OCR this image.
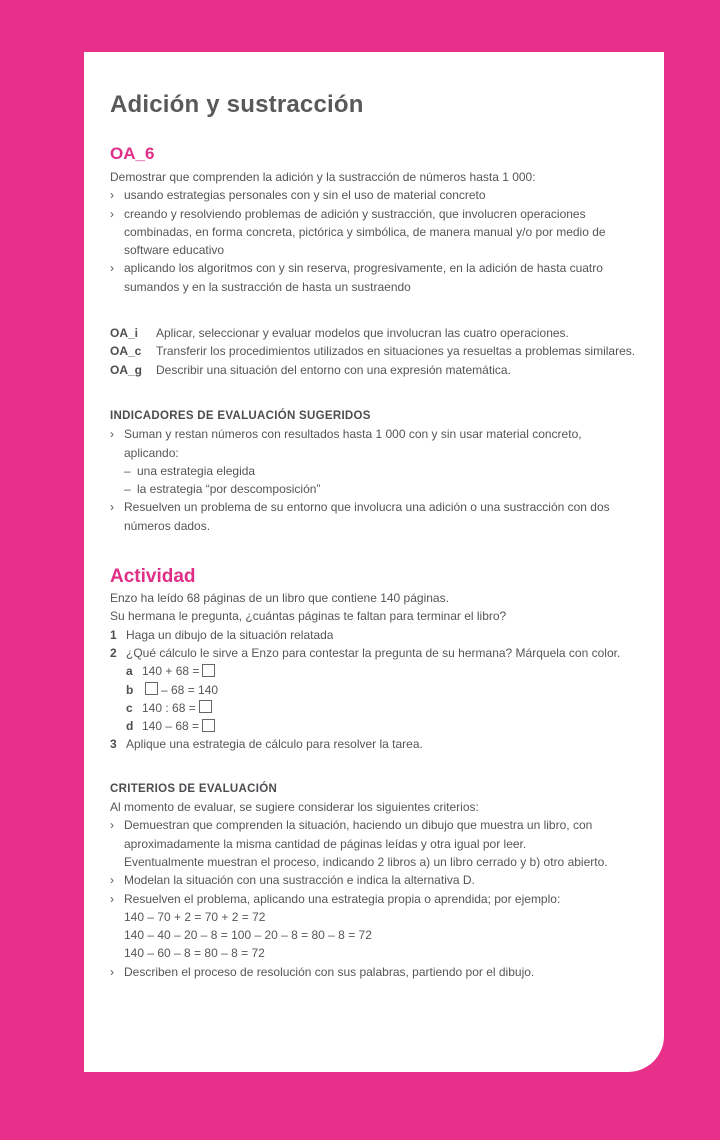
Adición y sustracción
OA_6
Demostrar que comprenden la adición y la sustracción de números hasta 1 000:
› usando estrategias personales con y sin el uso de material concreto
› creando y resolviendo problemas de adición y sustracción, que involucren operaciones
combinadas, en forma concreta, pictórica y simbólica, de manera manual y/o por medio de
software educativo
› aplicando los algoritmos con y sin reserva, progresivamente, en la adición de hasta cuatro
sumandos y en la sustracción de hasta un sustraendo
OA_i	Aplicar, seleccionar y evaluar modelos que involucran las cuatro operaciones.
OA_c	Transferir los procedimientos utilizados en situaciones ya resueltas a problemas similares.
OA_g	Describir una situación del entorno con una expresión matemática.
INDICADORES DE EVALUACIÓN SUGERIDOS
› Suman y restan números con resultados hasta 1 000 con y sin usar material concreto,
aplicando:
– una estrategia elegida
– la estrategia “por descomposición”
› Resuelven un problema de su entorno que involucra una adición o una sustracción con dos
números dados.
Actividad
Enzo ha leído 68 páginas de un libro que contiene 140 páginas.
Su hermana le pregunta, ¿cuántas páginas te faltan para terminar el libro?
1 Haga un dibujo de la situación relatada
2 ¿Qué cálculo le sirve a Enzo para contestar la pregunta de su hermana? Márquela con color.
a 140 + 68 =
b	– 68 = 140
c 140 : 68 =
d 140 – 68 =
3 Aplique una estrategia de cálculo para resolver la tarea.
CRITERIOS DE EVALUACIÓN
Al momento de evaluar, se sugiere considerar los siguientes criterios:
› Demuestran que comprenden la situación, haciendo un dibujo que muestra un libro, con
aproximadamente la misma cantidad de páginas leídas y otra igual por leer.
Eventualmente muestran el proceso, indicando 2 libros a) un libro cerrado y b) otro abierto.
› Modelan la situación con una sustracción e indica la alternativa D.
› Resuelven el problema, aplicando una estrategia propia o aprendida; por ejemplo:
140 – 70 + 2 = 70 + 2 = 72
140 – 40 – 20 – 8 = 100 – 20 – 8 = 80 – 8 = 72
140 – 60 – 8 = 80 – 8 = 72
› Describen el proceso de resolución con sus palabras, partiendo por el dibujo.
